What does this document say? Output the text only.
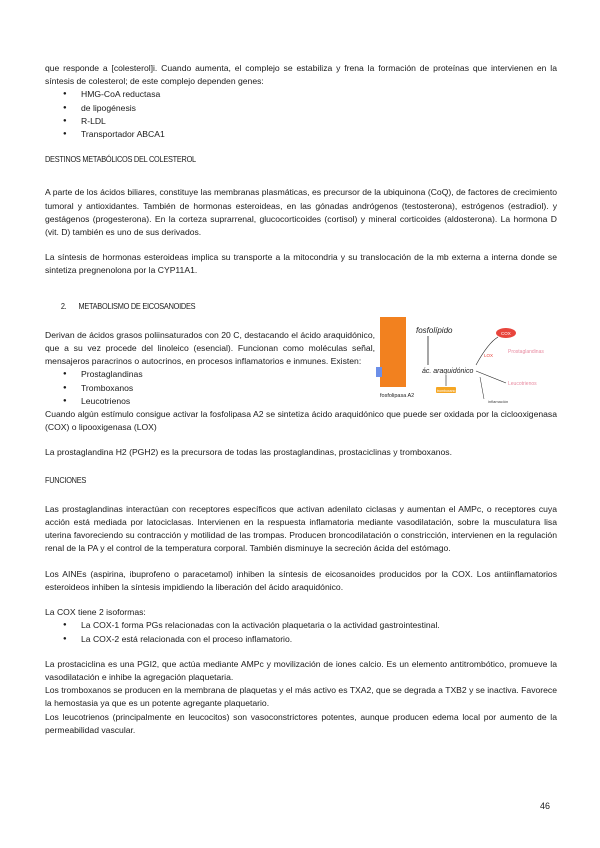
que responde a [colesterol]i. Cuando aumenta, el complejo se estabiliza y frena la formación de proteínas que intervienen en la síntesis de colesterol; de este complejo dependen genes:

● HMG-CoA reductasa
● de lipogénesis
● R-LDL
● Transportador ABCA1
DESTINOS METABÓLICOS DEL COLESTEROL

A parte de los ácidos biliares, constituye las membranas plasmáticas, es precursor de la ubiquinona (CoQ), de factores de crecimiento tumoral y antioxidantes. También de hormonas esteroideas, en las gónadas andrógenos (testosterona), estrógenos (estradiol). y gestágenos (progesterona). En la corteza suprarrenal, glucocorticoides (cortisol) y mineral corticoides (aldosterona). La hormona D (vit. D) también es uno de sus derivados.

La síntesis de hormonas esteroideas implica su transporte a la mitocondria y su translocación de la mb externa a interna donde se sintetiza pregnenolona por la CYP11A1.

2. METABOLISMO DE EICOSANOIDES

Derivan de ácidos grasos poliinsaturados con 20 C, destacando el ácido araquidónico, que a su vez procede del linoleico (esencial). Funcionan como moléculas señal, mensajeros paracrinos o autocrinos, en procesos inflamatorios e inmunes. Existen:

● Prostaglandinas
● Tromboxanos
● Leucotrienos

Cuando algún estímulo consigue activar la fosfolipasa A2 se sintetiza ácido araquidónico que puede ser oxidada por la ciclooxigenasa (COX) o lipooxigenasa (LOX)

La prostaglandina H2 (PGH2) es la precursora de todas las prostaglandinas, prostaciclinas y tromboxanos.

FUNCIONES

Las prostaglandinas interactúan con receptores específicos que activan adenilato ciclasas y aumentan el AMPc, o receptores cuya acción está mediada por latociclasas. Intervienen en la respuesta inflamatoria mediante vasodilatación, sobre la musculatura lisa uterina favoreciendo su contracción y motilidad de las trompas. Producen broncodilatación o constricción, intervienen en la regulación renal de la PA y el control de la temperatura corporal. También disminuye la secreción ácida del estómago.

Los AINEs (aspirina, ibuprofeno o paracetamol) inhiben la síntesis de eicosanoides producidos por la COX. Los antiinflamatorios esteroideos inhiben la síntesis impidiendo la liberación del ácido araquidónico.

La COX tiene 2 isoformas:

● La COX-1 forma PGs relacionadas con la activación plaquetaria o la actividad gastrointestinal.
● La COX-2 está relacionada con el proceso inflamatorio.

La prostaciclina es una PGI2, que actúa mediante AMPc y movilización de iones calcio. Es un elemento antitrombótico, promueve la vasodilatación e inhibe la agregación plaquetaria.

Los tromboxanos se producen en la membrana de plaquetas y el más activo es TXA2, que se degrada a TXB2 y se inactiva. Favorece la hemostasia ya que es un potente agregante plaquetario.

Los leucotrienos (principalmente en leucocitos) son vasoconstrictores potentes, aunque producen edema local por aumento de la permeabilidad vascular.

fosfolipasa A2
fosfolípido
ác. araquidónico
COX
Prostaglandinas
LOX
Leucotrienos
tromboxano
inflamación
46
